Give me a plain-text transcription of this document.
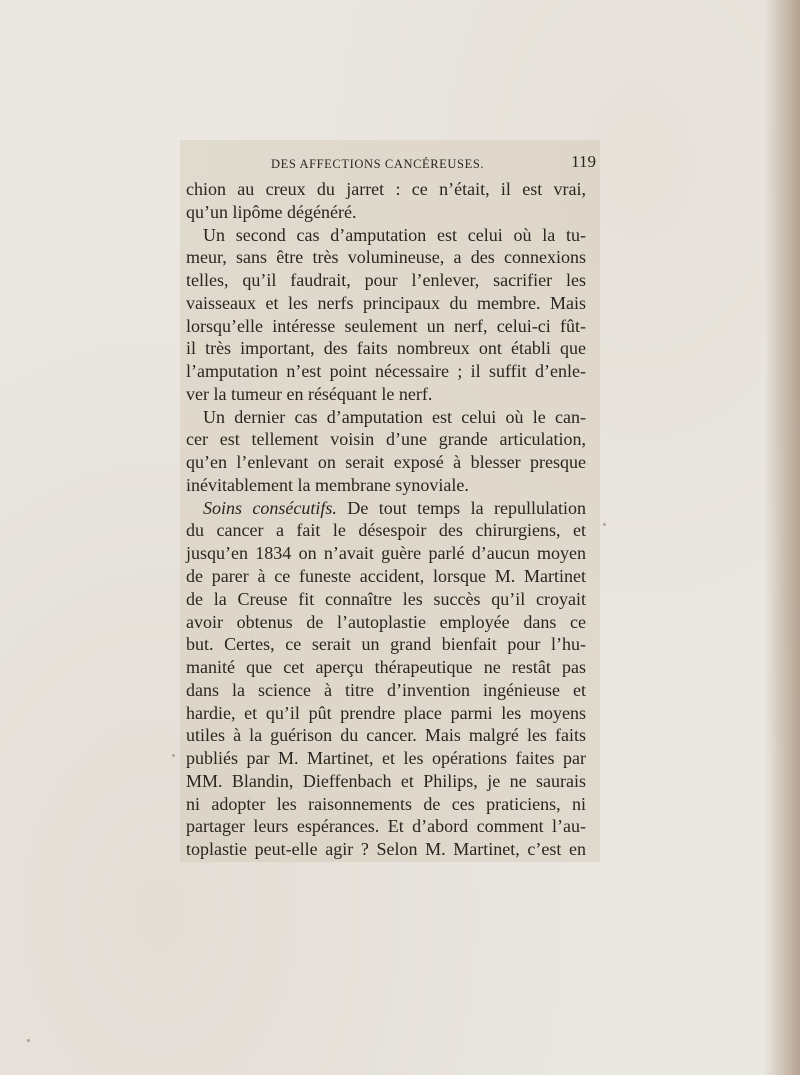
DES AFFECTIONS CANCÉREUSES.	119
chion au creux du jarret : ce n’était, il est vrai,
qu’un lipôme dégénéré.
Un second cas d’amputation est celui où la tu-
meur, sans être très volumineuse, a des connexions
telles, qu’il faudrait, pour l’enlever, sacrifier les
vaisseaux et les nerfs principaux du membre. Mais
lorsqu’elle intéresse seulement un nerf, celui-ci fût-
il très important, des faits nombreux ont établi que
l’amputation n’est point nécessaire ; il suffit d’enle-
ver la tumeur en réséquant le nerf.
Un dernier cas d’amputation est celui où le can-
cer est tellement voisin d’une grande articulation,
qu’en l’enlevant on serait exposé à blesser presque
inévitablement la membrane synoviale.
Soins consécutifs. De tout temps la repullulation
du cancer a fait le désespoir des chirurgiens, et
jusqu’en 1834 on n’avait guère parlé d’aucun moyen
de parer à ce funeste accident, lorsque M. Martinet
de la Creuse fit connaître les succès qu’il croyait
avoir obtenus de l’autoplastie employée dans ce
but. Certes, ce serait un grand bienfait pour l’hu-
manité que cet aperçu thérapeutique ne restât pas
dans la science à titre d’invention ingénieuse et
hardie, et qu’il pût prendre place parmi les moyens
utiles à la guérison du cancer. Mais malgré les faits
publiés par M. Martinet, et les opérations faites par
MM. Blandin, Dieffenbach et Philips, je ne saurais
ni adopter les raisonnements de ces praticiens, ni
partager leurs espérances. Et d’abord comment l’au-
toplastie peut-elle agir ? Selon M. Martinet, c’est en
